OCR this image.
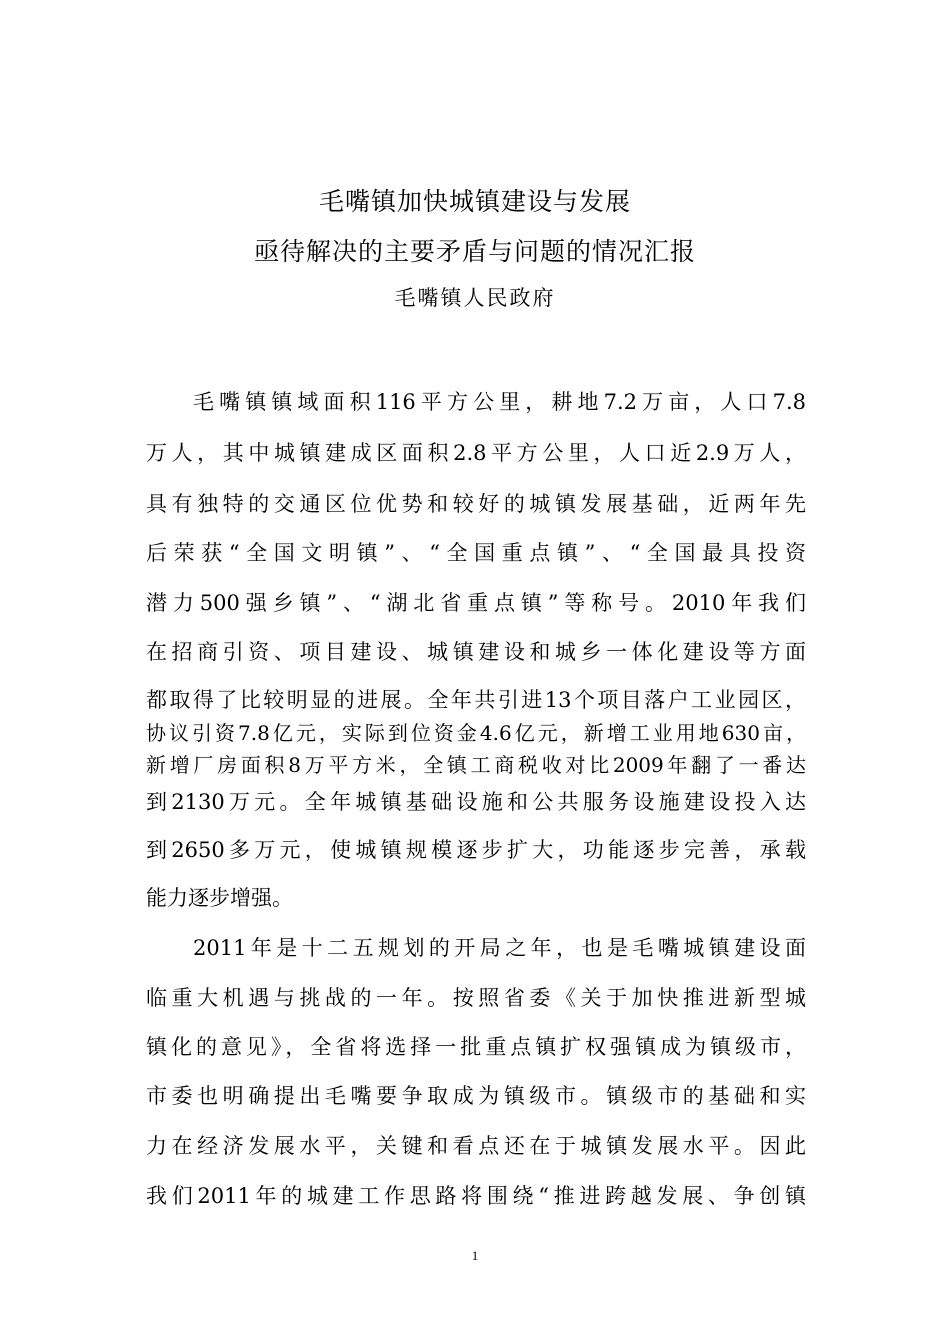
毛嘴镇加快城镇建设与发展
亟待解决的主要矛盾与问题的情况汇报
毛嘴镇人民政府
毛嘴镇镇域面积116平方公里，耕地7.2万亩，人口7.8
万人，其中城镇建成区面积2.8平方公里，人口近2.9万人，
具有独特的交通区位优势和较好的城镇发展基础，近两年先
后荣获“全国文明镇”、“全国重点镇”、“全国最具投资
潜力500强乡镇”、“湖北省重点镇”等称号。2010年我们
在招商引资、项目建设、城镇建设和城乡一体化建设等方面
都取得了比较明显的进展。全年共引进13个项目落户工业园区，
协议引资7.8亿元，实际到位资金4.6亿元，新增工业用地630亩，
新增厂房面积8万平方米，全镇工商税收对比2009年翻了一番达
到2130万元。全年城镇基础设施和公共服务设施建设投入达
到2650多万元，使城镇规模逐步扩大，功能逐步完善，承载
能力逐步增强。
2011年是十二五规划的开局之年，也是毛嘴城镇建设面
临重大机遇与挑战的一年。按照省委《关于加快推进新型城
镇化的意见》，全省将选择一批重点镇扩权强镇成为镇级市，
市委也明确提出毛嘴要争取成为镇级市。镇级市的基础和实
力在经济发展水平，关键和看点还在于城镇发展水平。因此
我们2011年的城建工作思路将围绕“推进跨越发展、争创镇
1
